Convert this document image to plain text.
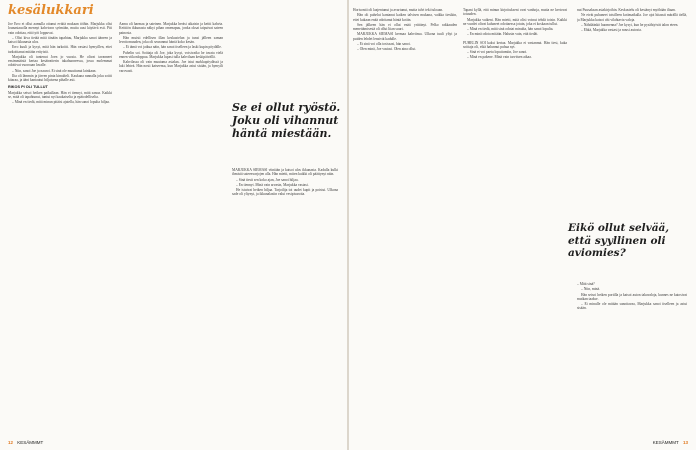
kesälukkari

Joe Erro ei ollut aamulla ottanut eväitä mukaan töihin. Marjukka olisi lounastauolla mennyt kahvioon syömään, mutta uusi käytävä esti. Piti vain odottaa, että työt loppuvat.

– Olisi kiva tietää mitä tänään tapahtuu, Marjukka sanoi ääneen ja katsoi ikkunasta ulos.

Erro kuuli ja kysyi, mitä hän tarkoitti. Hän vastasi hymyillen, ettei tarkoittanut mitään erityistä.

Marjukka oli tuntenut Joen jo vuosia. He olivat tavanneet ensimmäistä kertaa kesäteatterin takahuoneessa, jossa molemmat odottivat vuoroaan lavalle.

– Niin, sanoi Joe ja nauroi. Et sinä ole muuttunut lainkaan.

Ilta oli lämmin ja järven pinta kimalteli. Kaukana rannalla joku soitti kitaraa, ja ääni kantautui hiljaisena pihalle asti.

RIKOS PI OLI TULLUT

Marjukka seisoi hetken paikallaan. Hän ei tiennyt, mitä sanoa. Kaikki se, mitä oli tapahtunut, tuntui nyt kaukaiselta ja epätodelliselta.

– Minä en tiedä, mitä minun pitäisi ajatella, hän sanoi lopulta hiljaa.

Aamu oli harmaa ja sateinen. Marjukka heräsi aikaisin ja keitti kahvia. Keittiön ikkunasta näkyi pihan omenapuu, jonka oksat taipuivat sateen painosta.

Hän muisti edellisen illan keskustelun ja tunsi jälleen saman levottomuuden, joka oli seurannut häntä koko kesän.

– Ei tämä voi jatkua näin, hän sanoi itselleen ja laski kupin pöydälle.

Puhelin soi. Soittaja oli Joe, joka kysyi, voisivatko he tavata vielä ennen viikonloppua. Marjukka lupasi tulla kahvilaan keskipäivällä.

Kahvilassa oli vain muutama asiakas. Joe istui nurkkapöydässä ja luki lehteä. Hän nosti katseensa, kun Marjukka astui sisään, ja hymyili varovasti.

Se ei ollut ryöstö. Joku oli vihannut häntä miestään.

MARJUKKA SIEMASI viiniään ja katsoi ulos ikkunasta. Kadulla kulki ihmisiä sateenvarjojen alla. Hän mietti, miten kaikki oli päättynyt näin.

– Sinä tiesit sen koko ajan, Joe sanoi hiljaa.

– En tiennyt. Minä vain arvasin, Marjukka vastasi.

He istuivat hetken hiljaa. Tarjoilija toi uudet kupit ja poistui. Ulkona sade oli yltynyt, ja ikkunalasiin valui vesipisaroita.

12 KESÄMMMT

Horisontti oli laajentunut ja avartunut, mutta talvi teki tuloaan.

Hän oli puhelut kantanut kaiken talvisen mukana, vaikka tiesikin, ettei kukaan enää odottanut häntä kotiin.

Sen jälkeen hän ei ollut enää yrittänyt. Pelko rakkauden menettämisestä oli ollut liian suuri.

MARJUKKA SIEMASI kermaa kahviinsa. Ulkona tuuli yltyi ja puiden lehdet lensivät kadulle.

– Et sinä voi olla tosissasi, hän sanoi.

– Olen minä, Joe vastasi. Olen aina ollut.

Tapani kyllä, että minun kirjoitukseni ovat vanhoja, mutta ne kertovat totuuden.

Marjukka vaikeni. Hän mietti, mitä olisi voinut tehdä toisin. Kaikki ne vuodet olivat kuluneet odottaessa jotain, joka ei koskaan tullut.

– Minä en tiedä, mitä sinä odotat minulta, hän sanoi lopulta.

– En minä odota mitään. Halusin vain, että tiedät.

PUHELIN SOI kaksi kertaa. Marjukka ei vastannut. Hän tiesi, kuka soittaja oli, eikä halunnut puhua nyt.

– Sinä et voi paeta loputtomiin, Joe sanoi.

– Minä en pakene. Minä vain tarvitsen aikaa.

nut Puusaksan asiakirjoihin. Keskustelu oli kestänyt myöhään iltaan.

Ne eivät puhuneet toisilleen kotimatkalla. Joe ajoi hitaasti märällä tiellä, ja Marjukka katsoi ohi vilahtavia valoja.

– Nähdäänkö huomenna? Joe kysyi, kun he pysähtyivät talon eteen.

– Ehkä, Marjukka vastasi ja nousi autosta.

– Mitä sinä?

– Niin, minä.

Hän seisoi hetken portilla ja katsoi auton takavaloja, kunnes ne katosivat mutkan taakse.

– Ei minulle ole mitään sanottavaa, Marjukka sanoi itselleen ja astui sisään.

KESÄMMMT 13
Eikö ollut selvää, että syyllinen oli aviomies?
